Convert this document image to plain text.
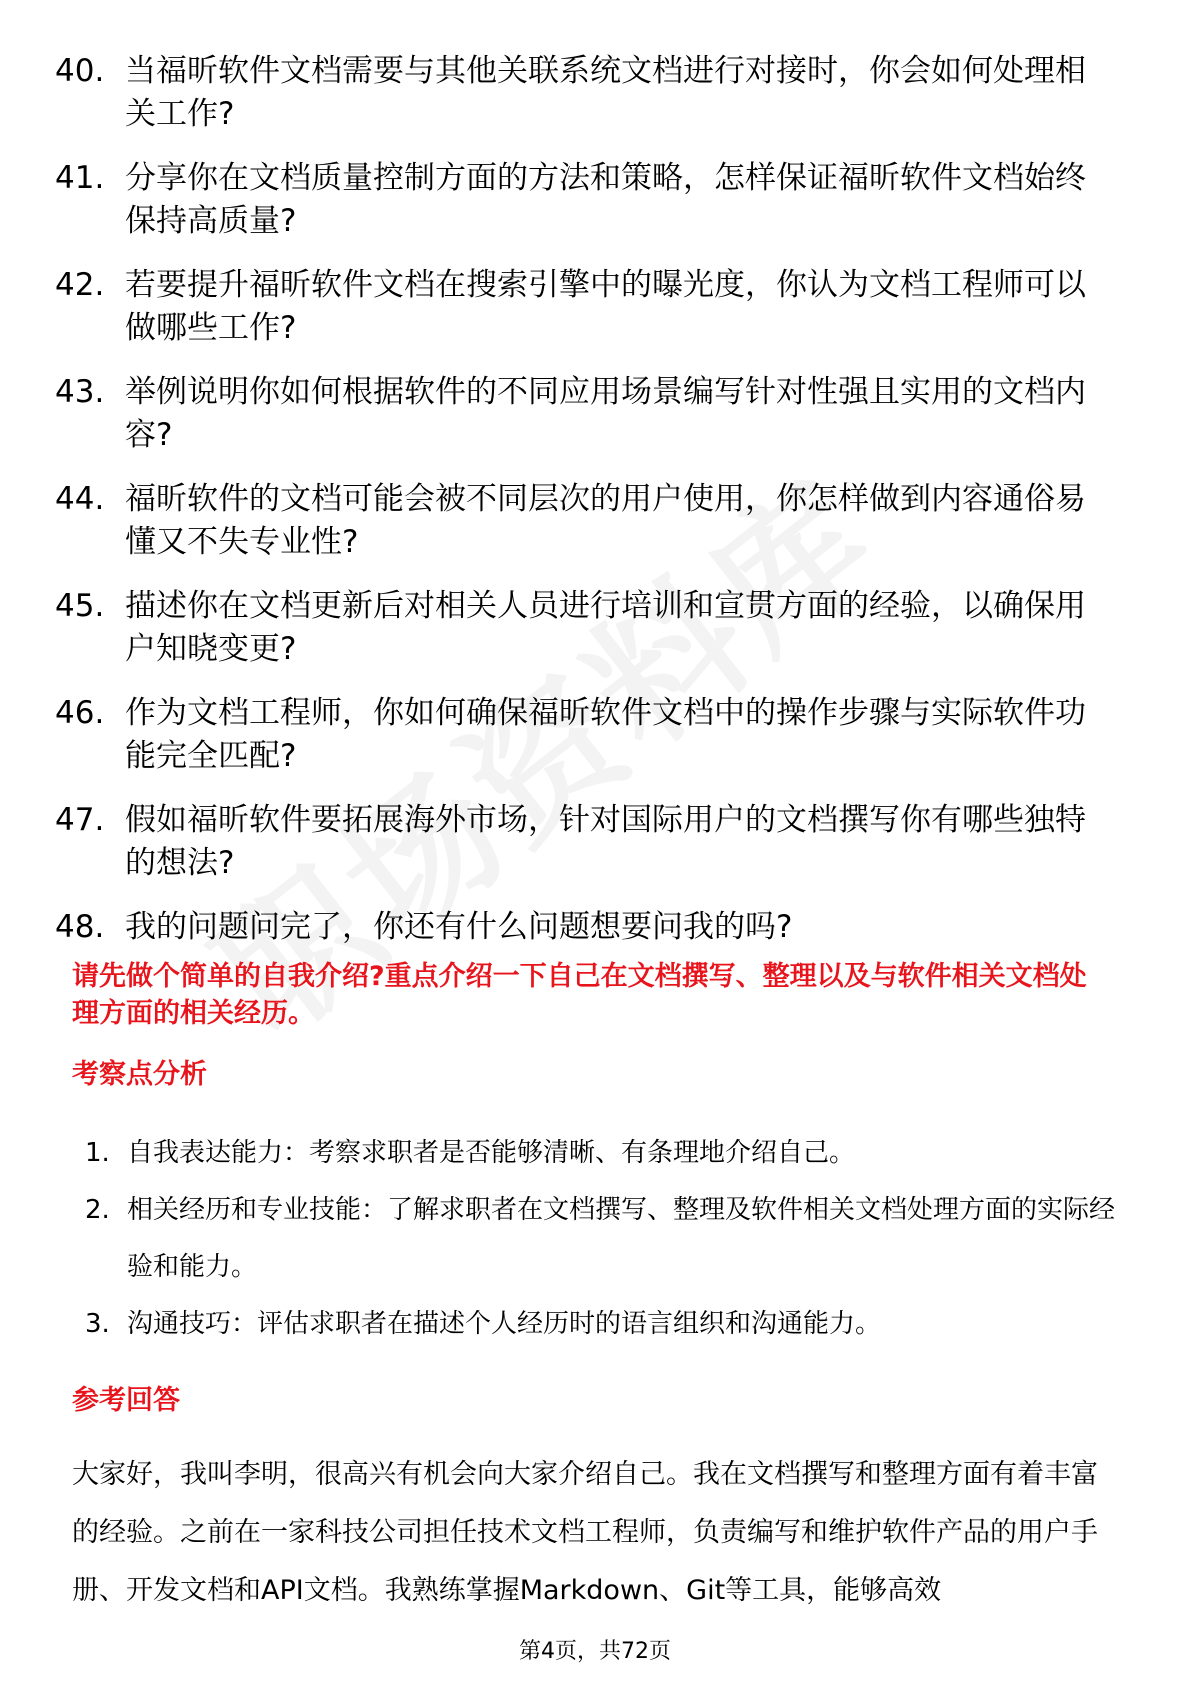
40. 当福昕软件文档需要与其他关联系统文档进行对接时，你会如何处理相关工作?
41. 分享你在文档质量控制方面的方法和策略，怎样保证福昕软件文档始终保持高质量?
42. 若要提升福昕软件文档在搜索引擎中的曝光度，你认为文档工程师可以做哪些工作?
43. 举例说明你如何根据软件的不同应用场景编写针对性强且实用的文档内容?
44. 福昕软件的文档可能会被不同层次的用户使用，你怎样做到内容通俗易懂又不失专业性?
45. 描述你在文档更新后对相关人员进行培训和宣贯方面的经验，以确保用户知晓变更?
46. 作为文档工程师，你如何确保福昕软件文档中的操作步骤与实际软件功能完全匹配?
47. 假如福昕软件要拓展海外市场，针对国际用户的文档撰写你有哪些独特的想法?
48. 我的问题问完了，你还有什么问题想要问我的吗?

请先做个简单的自我介绍?重点介绍一下自己在文档撰写、整理以及与软件相关文档处理方面的相关经历。

考察点分析
1. 自我表达能力：考察求职者是否能够清晰、有条理地介绍自己。
2. 相关经历和专业技能：了解求职者在文档撰写、整理及软件相关文档处理方面的实际经验和能力。
3. 沟通技巧：评估求职者在描述个人经历时的语言组织和沟通能力。
参考回答

大家好，我叫李明，很高兴有机会向大家介绍自己。我在文档撰写和整理方面有着丰富的经验。之前在一家科技公司担任技术文档工程师，负责编写和维护软件产品的用户手册、开发文档和API文档。我熟练掌握Markdown、Git等工具，能够高效

第4页，共72页
